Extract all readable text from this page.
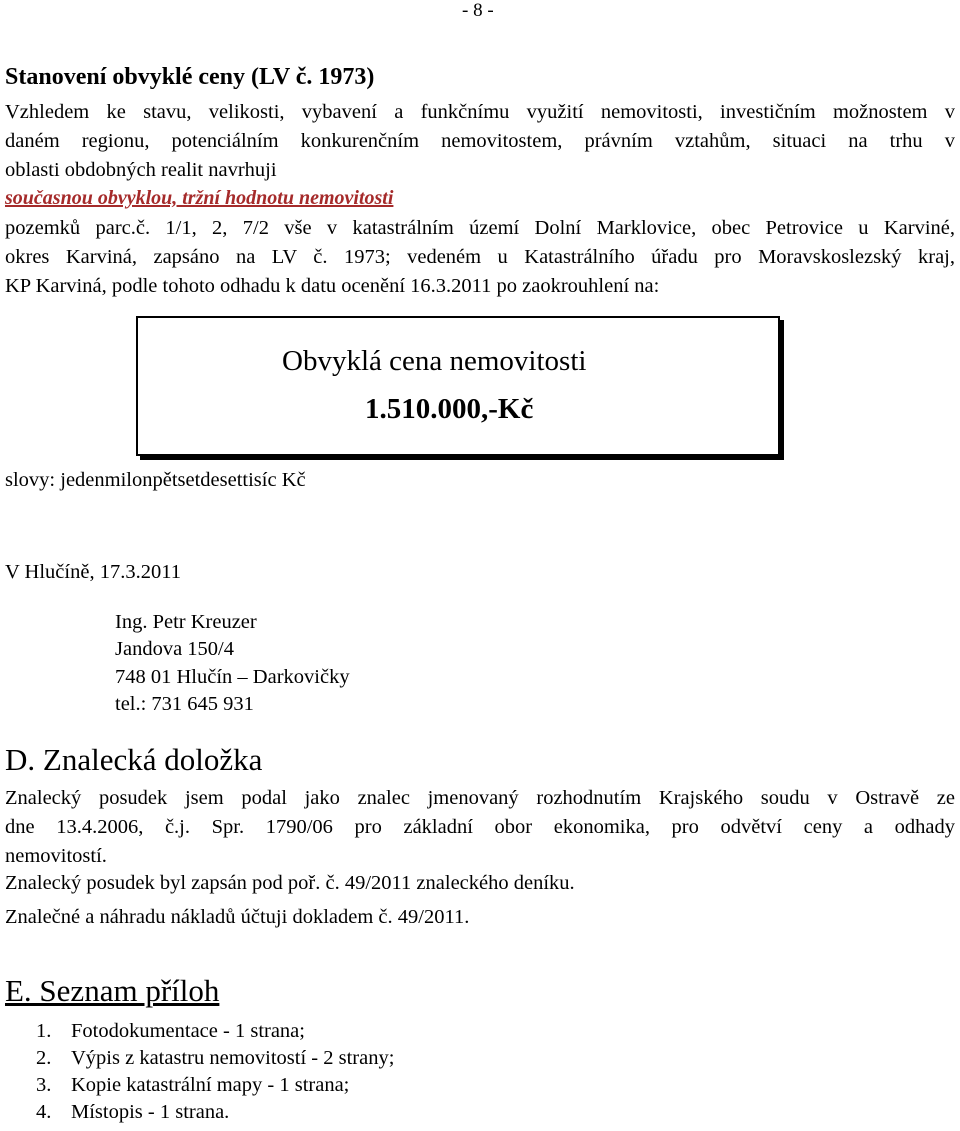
- 8 -
Stanovení obvyklé ceny (LV č. 1973)
Vzhledem ke stavu, velikosti, vybavení a funkčnímu využití nemovitosti, investičním možnostem v
daném regionu, potenciálním konkurenčním nemovitostem, právním vztahům, situaci na trhu v
oblasti obdobných realit navrhuji
současnou obvyklou, tržní hodnotu nemovitosti
pozemků parc.č. 1/1, 2, 7/2 vše v katastrálním území Dolní Marklovice, obec Petrovice u Karviné,
okres Karviná, zapsáno na LV č. 1973; vedeném u Katastrálního úřadu pro Moravskoslezský kraj,
KP Karviná, podle tohoto odhadu k datu ocenění 16.3.2011 po zaokrouhlení na:
Obvyklá cena nemovitosti
1.510.000,-Kč
slovy: jedenmilonpětsetdesettisíc Kč
V Hlučíně, 17.3.2011
Ing. Petr Kreuzer
Jandova 150/4
748 01 Hlučín – Darkovičky
tel.: 731 645 931
D. Znalecká doložka
Znalecký posudek jsem podal jako znalec jmenovaný rozhodnutím Krajského soudu v Ostravě ze
dne 13.4.2006, č.j. Spr. 1790/06 pro základní obor ekonomika, pro odvětví ceny a odhady
nemovitostí.
Znalecký posudek byl zapsán pod poř. č. 49/2011 znaleckého deníku.
Znalečné a náhradu nákladů účtuji dokladem č. 49/2011.
E. Seznam příloh
1. Fotodokumentace - 1 strana;
2. Výpis z katastru nemovitostí - 2 strany;
3. Kopie katastrální mapy - 1 strana;
4. Místopis - 1 strana.
